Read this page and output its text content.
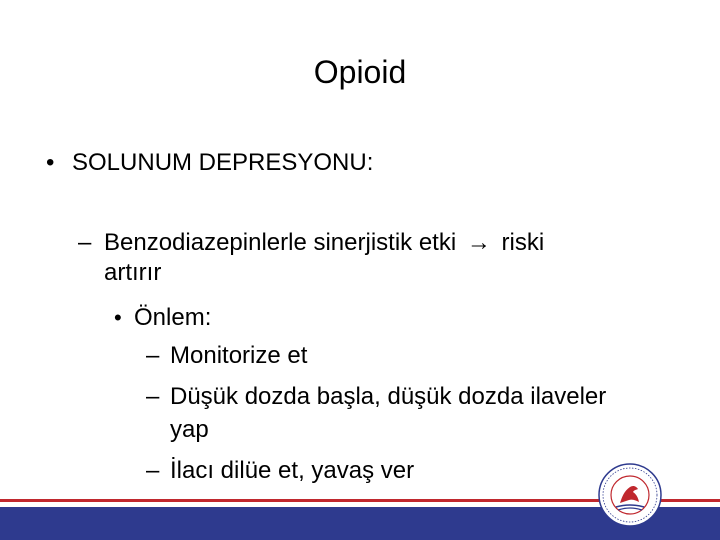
Opioid
• SOLUNUM DEPRESYONU:
– Benzodiazepinlerle sinerjistik etki → riski
artırır
• Önlem:
– Monitorize et
– Düşük dozda başla, düşük dozda ilaveler
yap
– İlacı dilüe et, yavaş ver
